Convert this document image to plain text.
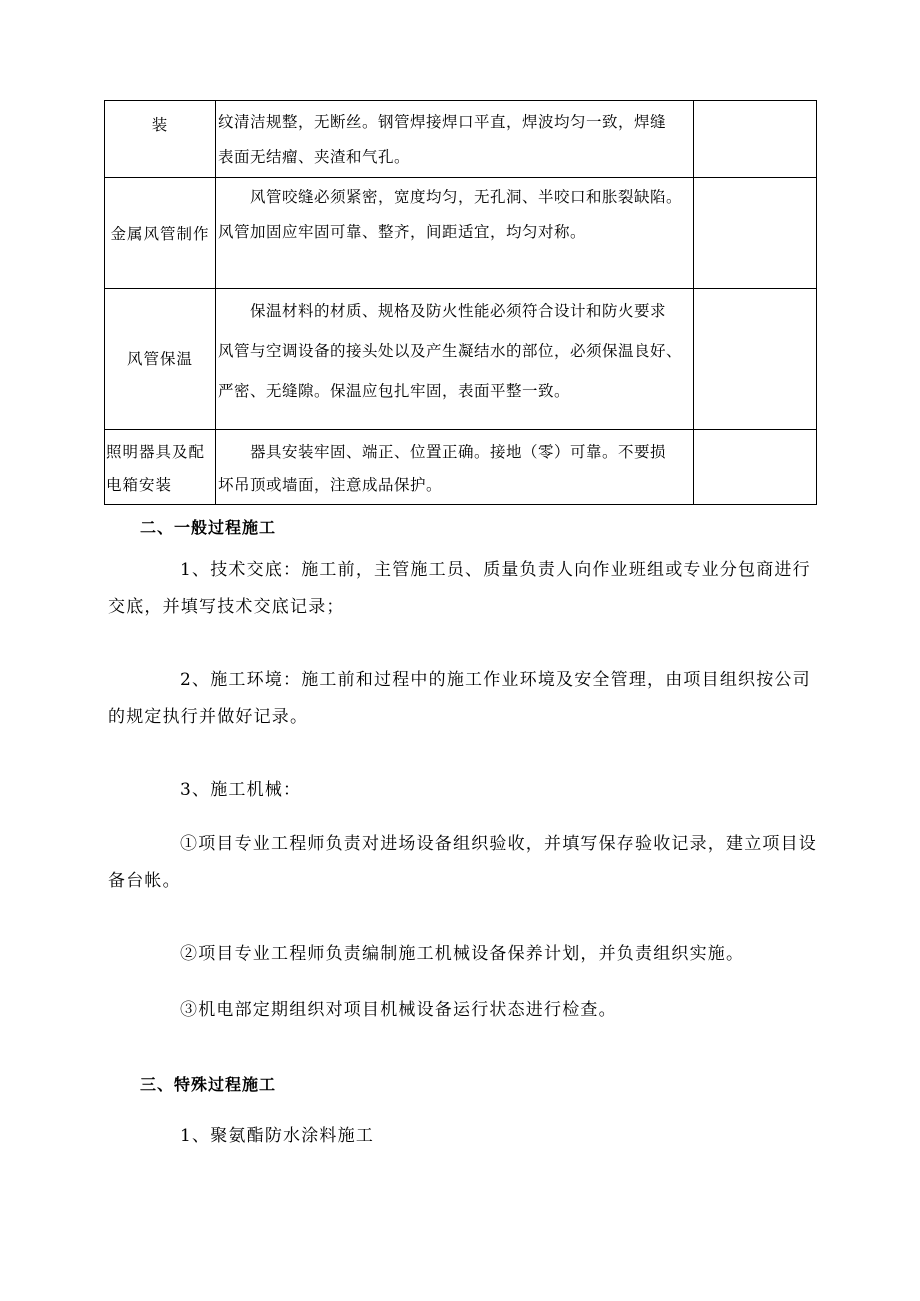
装	纹清洁规整，无断丝。钢管焊接焊口平直，焊波均匀一致，焊缝
表面无结瘤、夹渣和气孔。
金属风管制作
风管咬缝必须紧密，宽度均匀，无孔洞、半咬口和胀裂缺陷。
风管加固应牢固可靠、整齐，间距适宜，均匀对称。
风管保温
保温材料的材质、规格及防火性能必须符合设计和防火要求
风管与空调设备的接头处以及产生凝结水的部位，必须保温良好、
严密、无缝隙。保温应包扎牢固，表面平整一致。
照明器具及配
电箱安装
器具安装牢固、端正、位置正确。接地（零）可靠。不要损
坏吊顶或墙面，注意成品保护。
二、一般过程施工
1、技术交底：施工前，主管施工员、质量负责人向作业班组或专业分包商进行交底，并填写技术交底记录；
2、施工环境：施工前和过程中的施工作业环境及安全管理，由项目组织按公司的规定执行并做好记录。
3、施工机械：
①项目专业工程师负责对进场设备组织验收，并填写保存验收记录，建立项目设备台帐。
②项目专业工程师负责编制施工机械设备保养计划，并负责组织实施。
③机电部定期组织对项目机械设备运行状态进行检查。
三、特殊过程施工
1、聚氨酯防水涂料施工
